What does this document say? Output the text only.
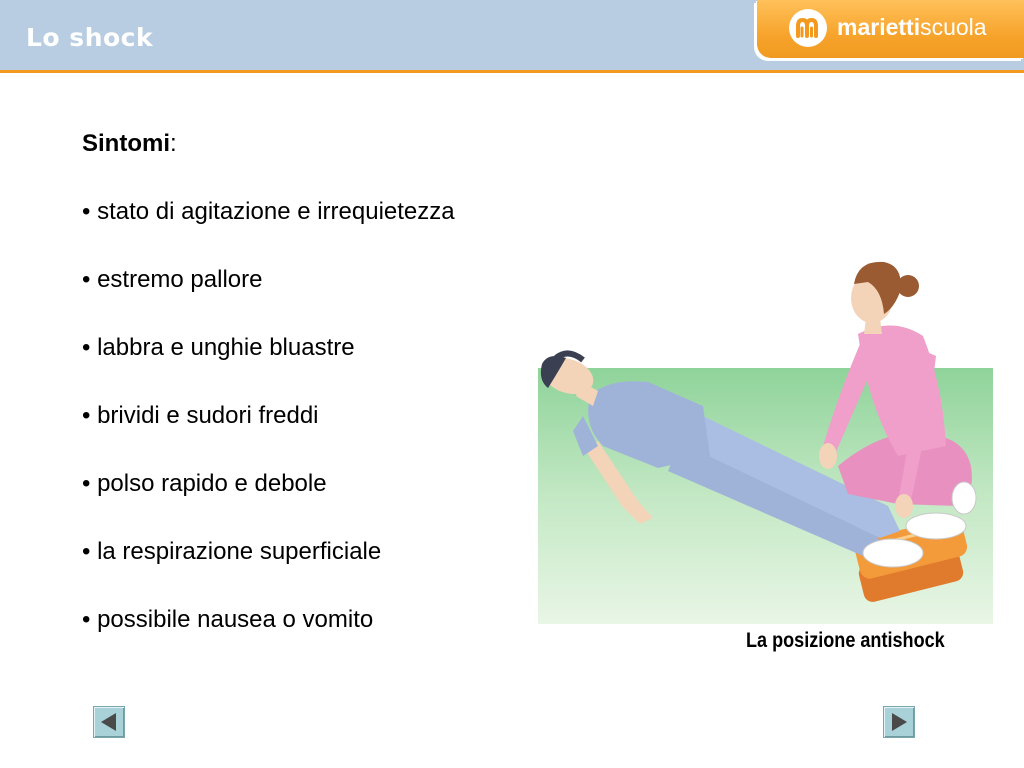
Lo shock	mariettiscuola
Sintomi:
• stato di agitazione e irrequietezza
• estremo pallore
• labbra e unghie bluastre
• brividi e sudori freddi
• polso rapido e debole
• la respirazione superficiale
• possibile nausea o vomito
La posizione antishock
